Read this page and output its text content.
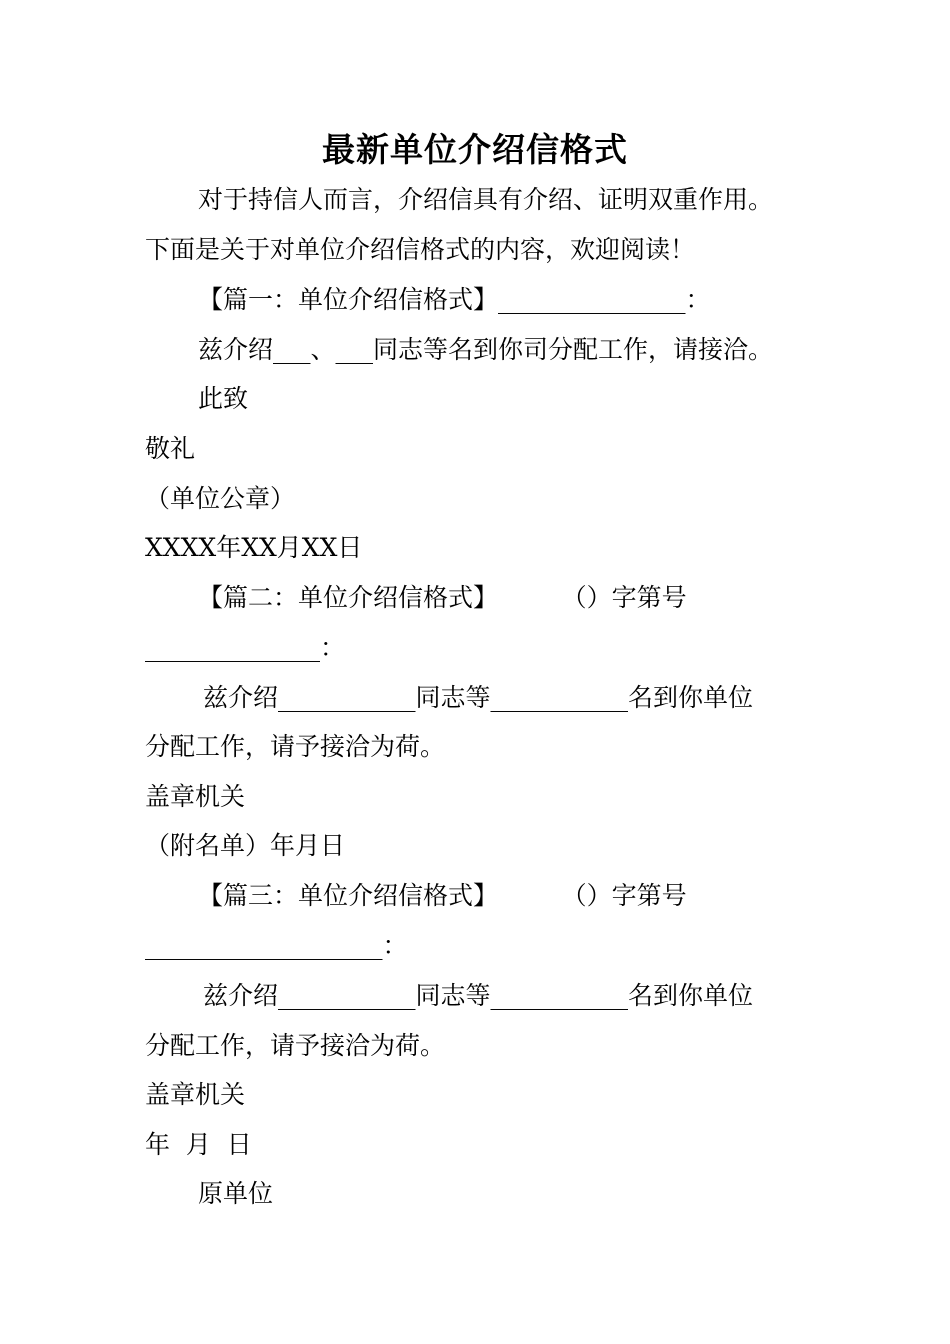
最新单位介绍信格式
对于持信人而言，介绍信具有介绍、证明双重作用。
下面是关于对单位介绍信格式的内容，欢迎阅读！
【篇一：单位介绍信格式】_______________：
兹介绍___、___同志等名到你司分配工作，请接洽。
此致
敬礼
（单位公章）
XXXX年XX月XX日
【篇二：单位介绍信格式】        （）字第号
______________：
兹介绍___________同志等___________名到你单位
分配工作，请予接洽为荷。
盖章机关
（附名单）年月日
【篇三：单位介绍信格式】        （）字第号
___________________：
兹介绍___________同志等___________名到你单位
分配工作，请予接洽为荷。
盖章机关
年  月  日
原单位
